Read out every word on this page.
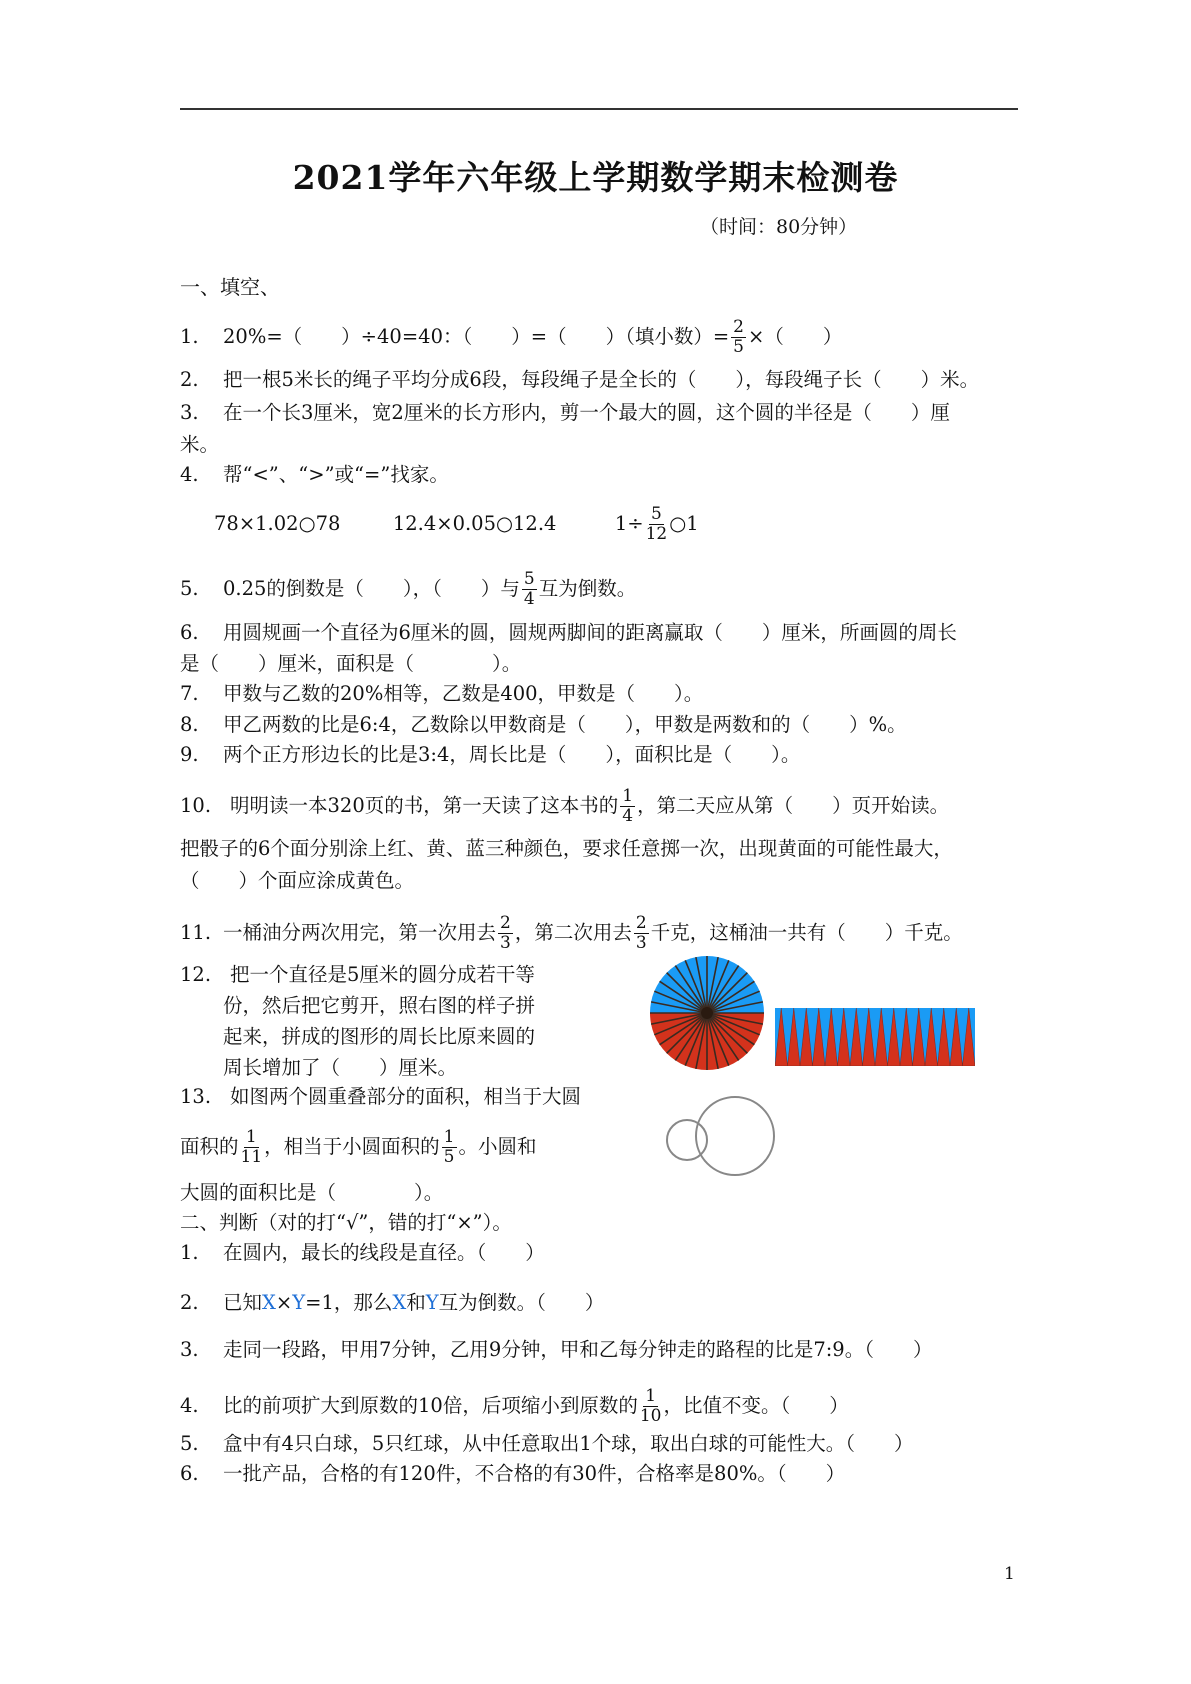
2021学年六年级上学期数学期末检测卷
（时间：80分钟）
一、填空、
1. 20%=（　　）÷40=40：（　　）=（　　）（填小数）= $\frac{2}{5}$ ×（　　）
2. 把一根5米长的绳子平均分成6段，每段绳子是全长的（　　），每段绳子长（　　）米。
3. 在一个长3厘米，宽2厘米的长方形内，剪一个最大的圆，这个圆的半径是（　　）厘
米。
4. 帮“<”、“>”或“=”找家。
78×1.02○78	12.4×0.05○12.4	$1\div \frac{5}{12}$ ○1
5. 0.25的倒数是（　　），（　　）与 $\frac{5}{4}$ 互为倒数。
6. 用圆规画一个直径为6厘米的圆，圆规两脚间的距离赢取（　　）厘米，所画圆的周长
是（　　）厘米，面积是（　　　　）。
7. 甲数与乙数的20%相等，乙数是400，甲数是（　　）。
8. 甲乙两数的比是6:4，乙数除以甲数商是（　　），甲数是两数和的（　　）%。
9. 两个正方形边长的比是3:4，周长比是（　　），面积比是（　　）。
10. 明明读一本320页的书，第一天读了这本书的 $\frac{1}{4}$ ，第二天应从第（　　）页开始读。
把骰子的6个面分别涂上红、黄、蓝三种颜色，要求任意掷一次，出现黄面的可能性最大，
（　　）个面应涂成黄色。
11. 一桶油分两次用完，第一次用去 $\frac{2}{3}$ ，第二次用去 $\frac{2}{3}$ 千克，这桶油一共有（　　）千克。
12. 把一个直径是5厘米的圆分成若干等
份，然后把它剪开，照右图的样子拼
起来，拼成的图形的周长比原来圆的
周长增加了（　　）厘米。
13. 如图两个圆重叠部分的面积，相当于大圆
面积的 $\frac{1}{11}$ ，相当于小圆面积的 $\frac{1}{5}$ 。小圆和
大圆的面积比是（　　　　）。
二、判断（对的打“√”，错的打“×”）。
1. 在圆内，最长的线段是直径。（　　）
2. 已知X×Y=1，那么X和Y互为倒数。（　　）
3. 走同一段路，甲用7分钟，乙用9分钟，甲和乙每分钟走的路程的比是7:9。（　　）
4. 比的前项扩大到原数的10倍，后项缩小到原数的 $\frac{1}{10}$ ，比值不变。（　　）
5. 盒中有4只白球，5只红球，从中任意取出1个球，取出白球的可能性大。（　　）
6. 一批产品，合格的有120件，不合格的有30件，合格率是80%。（　　）
1
